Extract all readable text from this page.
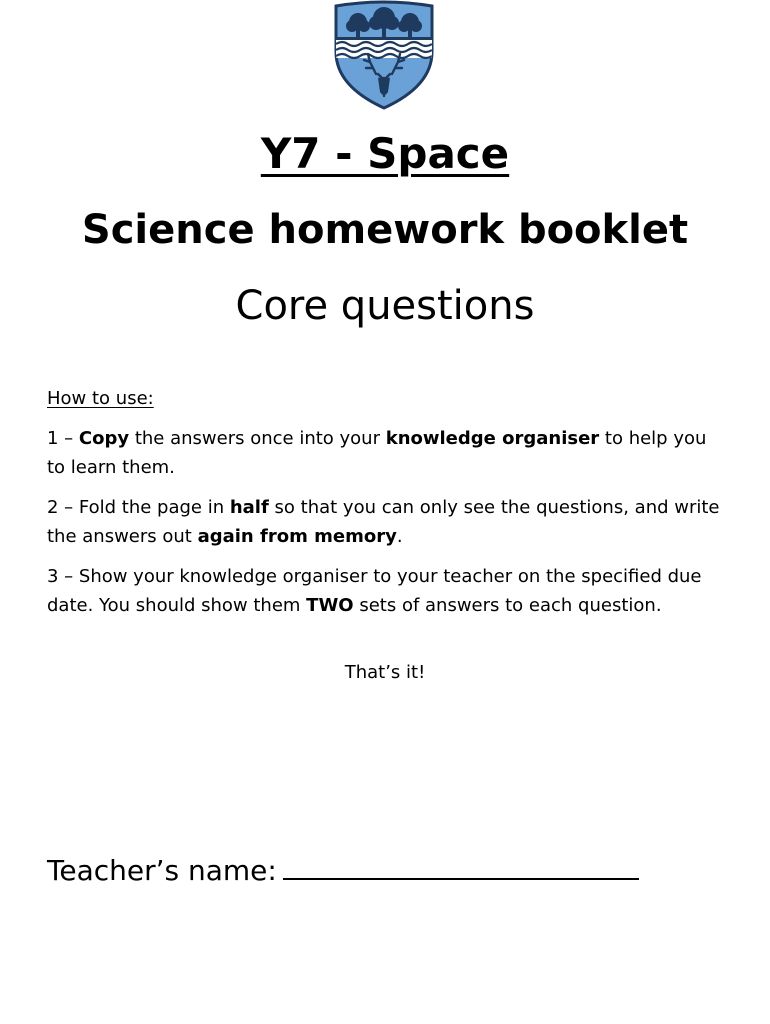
Y7 - Space
Science homework booklet
Core questions
How to use:
1 – Copy the answers once into your knowledge organiser to help you to learn them.
2 – Fold the page in half so that you can only see the questions, and write the answers out again from memory.
3 – Show your knowledge organiser to your teacher on the specified due date. You should show them TWO sets of answers to each question.
That’s it!
Teacher’s name:
